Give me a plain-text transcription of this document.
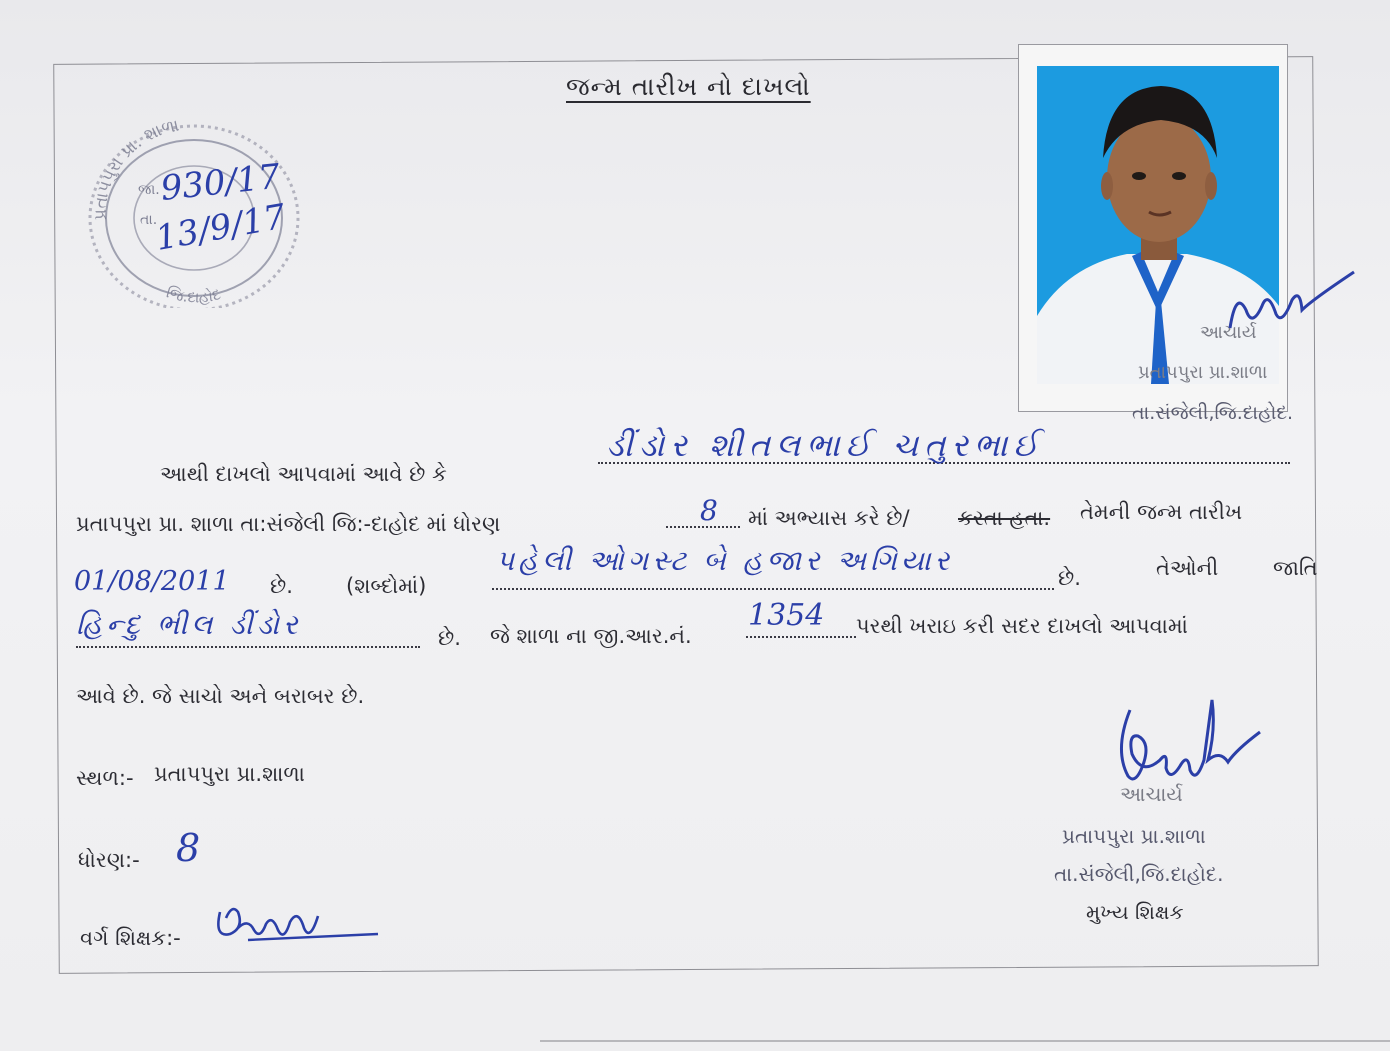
જન્મ તારીખ નો દાખલો
પ્રતાપપુરા પ્રા. શાળા
જિ.દાહોદ
જા.
તા.
930/17
13/9/17
આચાર્ય
પ્રતાપપુરા પ્રા.શાળા
તા.સંજેલી,જિ.દાહોદ.
આથી દાખલો આપવામાં આવે છે કે
ડીંડોર શીતલભાઈ ચતુરભાઈ
પ્રતાપપુરા પ્રા. શાળા તા:સંજેલી જિ:-દાહોદ માં ધોરણ	8 માં અભ્યાસ કરે છે/ કરતા હતા. તેમની જન્મ તારીખ
01/08/2011 છે.	(શબ્દોમાં)
પહેલી ઓગસ્ટ બે હજાર અગિયાર
છે.	તેઓની જાતિ
હિન્દુ ભીલ ડીંડોર	છે. જે શાળા ના જી.આર.નં.
1354 પરથી ખરાઇ કરી સદર દાખલો આપવામાં
આવે છે. જે સાચો અને બરાબર છે.
સ્થળ:- પ્રતાપપુરા પ્રા.શાળા
ધોરણ:- 8
વર્ગ શિક્ષક:-
આચાર્ય
પ્રતાપપુરા પ્રા.શાળા
તા.સંજેલી,જિ.દાહોદ.
મુખ્ય શિક્ષક
